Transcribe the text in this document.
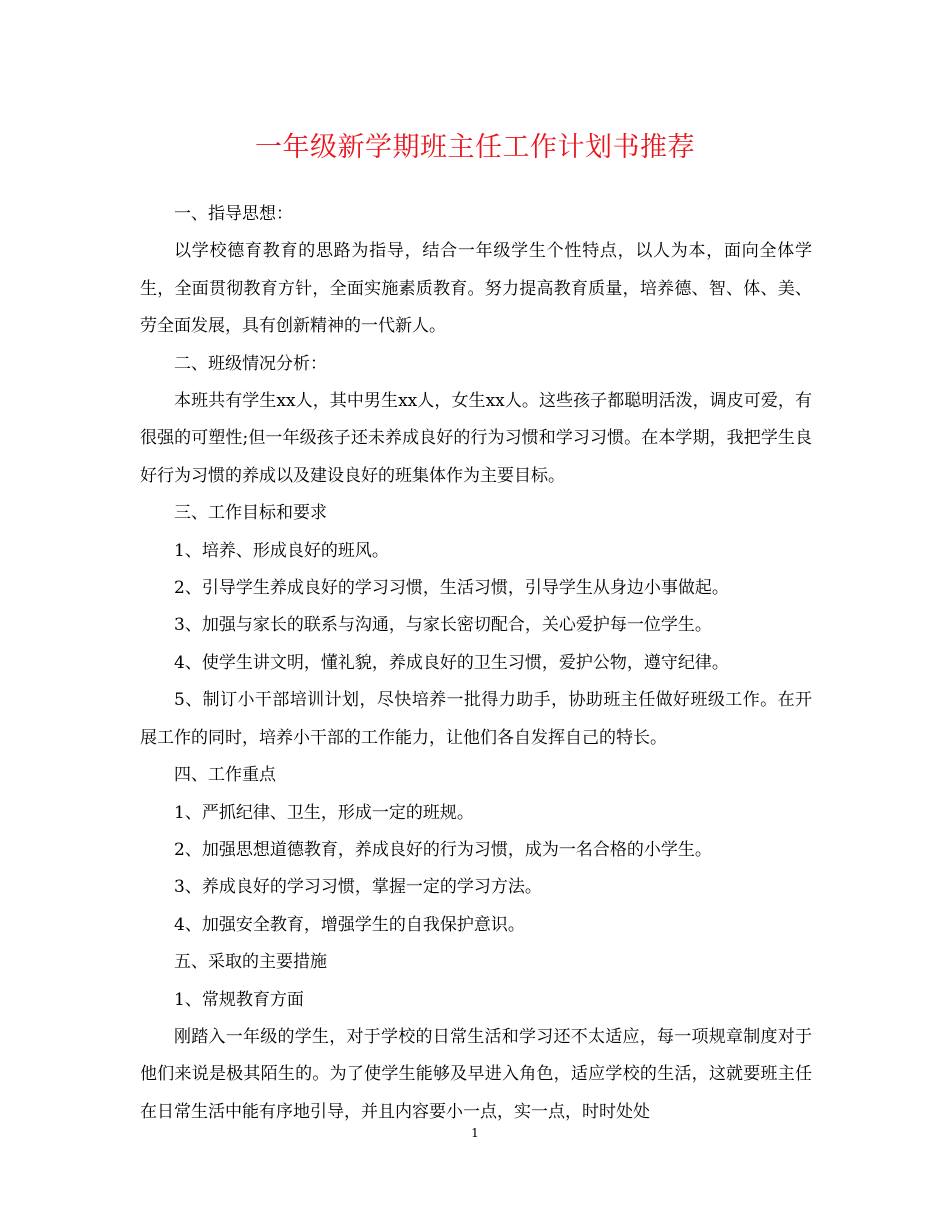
一年级新学期班主任工作计划书推荐

一、指导思想：

以学校德育教育的思路为指导，结合一年级学生个性特点，以人为本，面向全体学生，全面贯彻教育方针，全面实施素质教育。努力提高教育质量，培养德、智、体、美、劳全面发展，具有创新精神的一代新人。

二、班级情况分析：

本班共有学生xx人，其中男生xx人，女生xx人。这些孩子都聪明活泼，调皮可爱，有很强的可塑性;但一年级孩子还未养成良好的行为习惯和学习习惯。在本学期，我把学生良好行为习惯的养成以及建设良好的班集体作为主要目标。

三、工作目标和要求

1、培养、形成良好的班风。

2、引导学生养成良好的学习习惯，生活习惯，引导学生从身边小事做起。

3、加强与家长的联系与沟通，与家长密切配合，关心爱护每一位学生。

4、使学生讲文明，懂礼貌，养成良好的卫生习惯，爱护公物，遵守纪律。

5、制订小干部培训计划，尽快培养一批得力助手，协助班主任做好班级工作。在开展工作的同时，培养小干部的工作能力，让他们各自发挥自己的特长。

四、工作重点

1、严抓纪律、卫生，形成一定的班规。

2、加强思想道德教育，养成良好的行为习惯，成为一名合格的小学生。

3、养成良好的学习习惯，掌握一定的学习方法。

4、加强安全教育，增强学生的自我保护意识。

五、采取的主要措施

1、常规教育方面

刚踏入一年级的学生，对于学校的日常生活和学习还不太适应，每一项规章制度对于他们来说是极其陌生的。为了使学生能够及早进入角色，适应学校的生活，这就要班主任在日常生活中能有序地引导，并且内容要小一点，实一点，时时处处

1
